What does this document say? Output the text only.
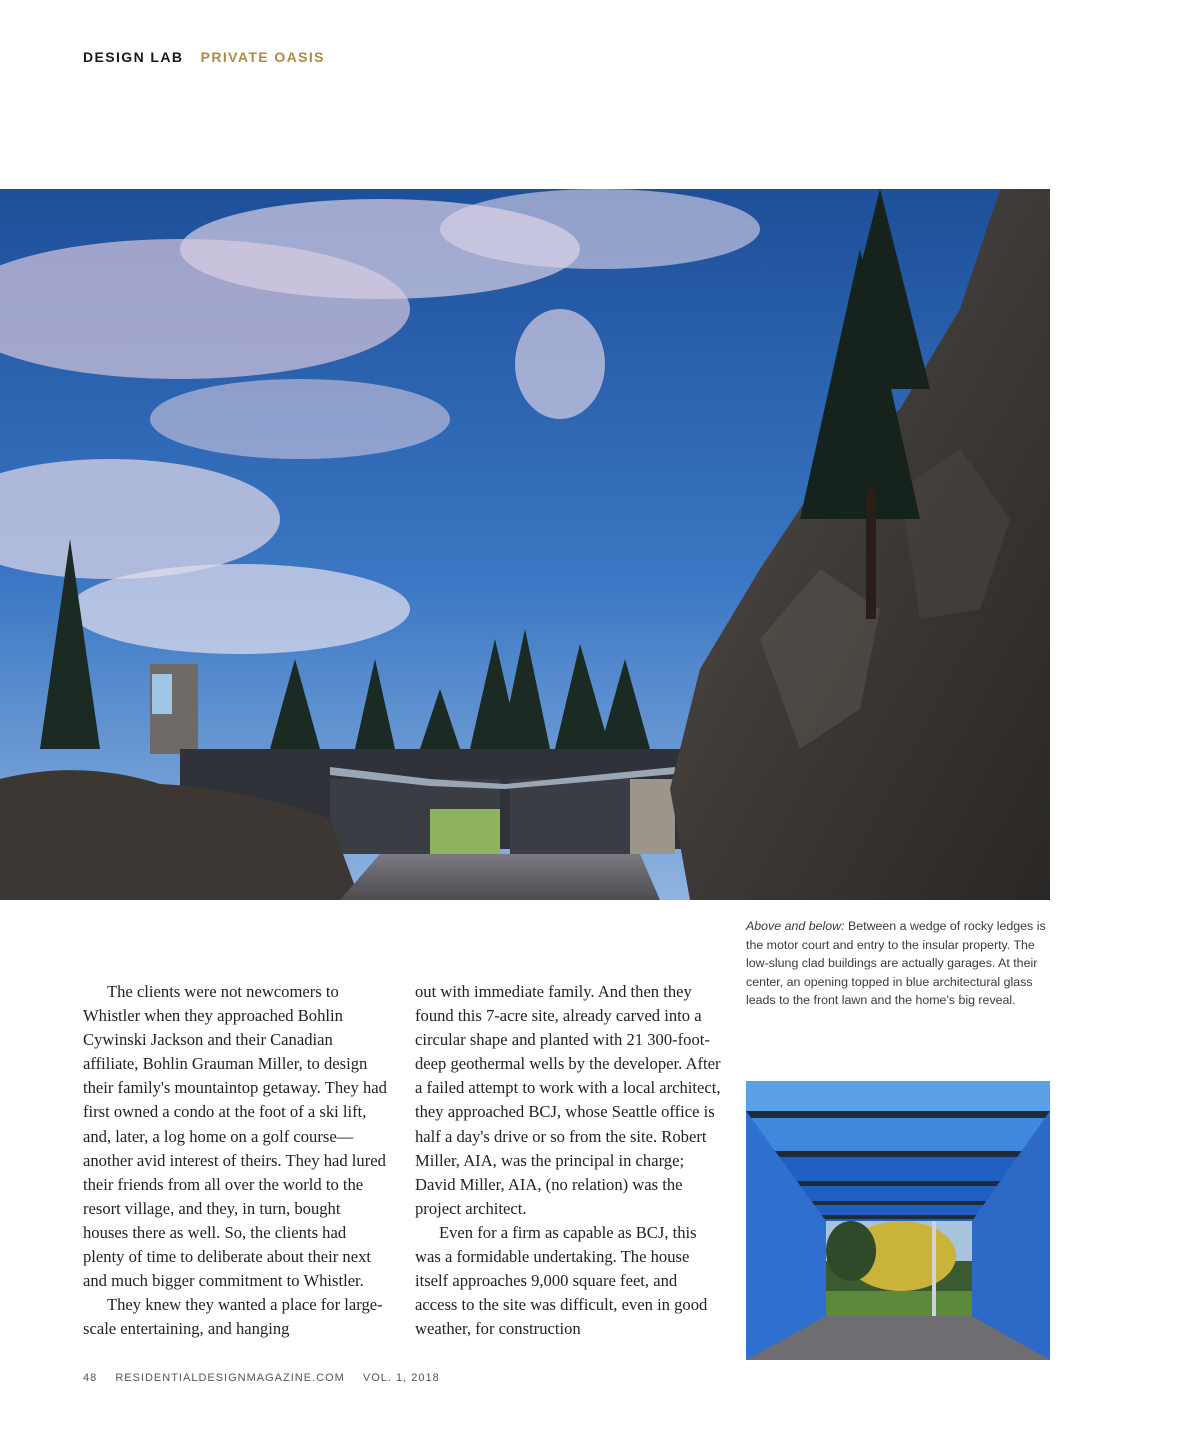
DESIGN LAB PRIVATE OASIS
Above and below: Between a wedge of rocky ledges is the motor court and entry to the insular property. The low-slung clad buildings are actually garages. At their center, an opening topped in blue architectural glass leads to the front lawn and the home's big reveal.

The clients were not newcomers to Whistler when they approached Bohlin Cywinski Jackson and their Canadian affiliate, Bohlin Grauman Miller, to design their family's mountaintop getaway. They had first owned a condo at the foot of a ski lift, and, later, a log home on a golf course—another avid interest of theirs. They had lured their friends from all over the world to the resort village, and they, in turn, bought houses there as well. So, the clients had plenty of time to deliberate about their next and much bigger commitment to Whistler.

They knew they wanted a place for large-scale entertaining, and hanging

out with immediate family. And then they found this 7-acre site, already carved into a circular shape and planted with 21 300-foot-deep geothermal wells by the developer. After a failed attempt to work with a local architect, they approached BCJ, whose Seattle office is half a day's drive or so from the site. Robert Miller, AIA, was the principal in charge; David Miller, AIA, (no relation) was the project architect.

Even for a firm as capable as BCJ, this was a formidable undertaking. The house itself approaches 9,000 square feet, and access to the site was difficult, even in good weather, for construction

48 RESIDENTIALDESIGNMAGAZINE.COM VOL. 1, 2018
